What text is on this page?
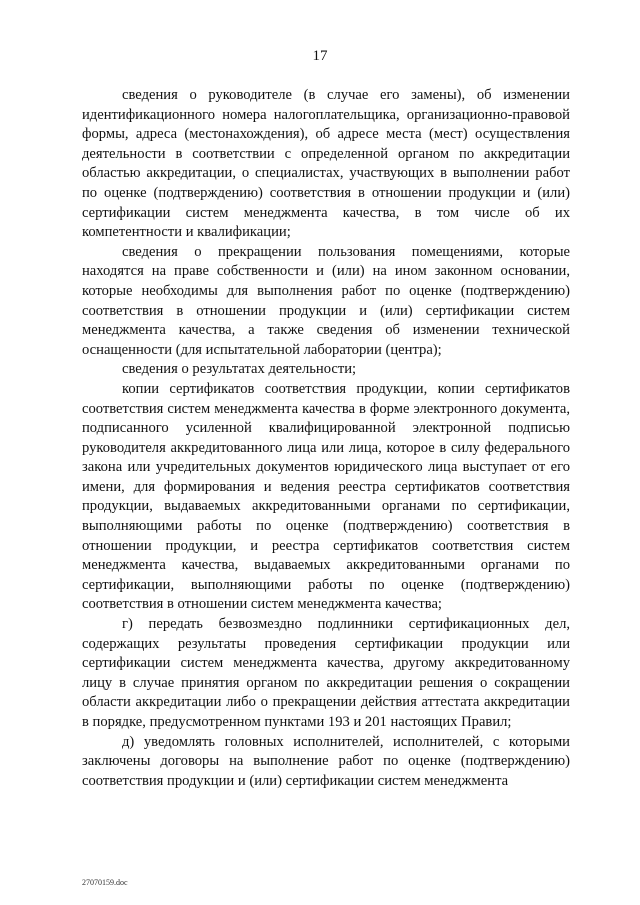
17

сведения о руководителе (в случае его замены), об изменении идентификационного номера налогоплательщика, организационно-правовой формы, адреса (местонахождения), об адресе места (мест) осуществления деятельности в соответствии с определенной органом по аккредитации областью аккредитации, о специалистах, участвующих в выполнении работ по оценке (подтверждению) соответствия в отношении продукции и (или) сертификации систем менеджмента качества, в том числе об их компетентности и квалификации;

сведения о прекращении пользования помещениями, которые находятся на праве собственности и (или) на ином законном основании, которые необходимы для выполнения работ по оценке (подтверждению) соответствия в отношении продукции и (или) сертификации систем менеджмента качества, а также сведения об изменении технической оснащенности (для испытательной лаборатории (центра);

сведения о результатах деятельности;

копии сертификатов соответствия продукции, копии сертификатов соответствия систем менеджмента качества в форме электронного документа, подписанного усиленной квалифицированной электронной подписью руководителя аккредитованного лица или лица, которое в силу федерального закона или учредительных документов юридического лица выступает от его имени, для формирования и ведения реестра сертификатов соответствия продукции, выдаваемых аккредитованными органами по сертификации, выполняющими работы по оценке (подтверждению) соответствия в отношении продукции, и реестра сертификатов соответствия систем менеджмента качества, выдаваемых аккредитованными органами по сертификации, выполняющими работы по оценке (подтверждению) соответствия в отношении систем менеджмента качества;

г) передать безвозмездно подлинники сертификационных дел, содержащих результаты проведения сертификации продукции или сертификации систем менеджмента качества, другому аккредитованному лицу в случае принятия органом по аккредитации решения о сокращении области аккредитации либо о прекращении действия аттестата аккредитации в порядке, предусмотренном пунктами 193 и 201 настоящих Правил;

д) уведомлять головных исполнителей, исполнителей, с которыми заключены договоры на выполнение работ по оценке (подтверждению) соответствия продукции и (или) сертификации систем менеджмента

27070159.doc
